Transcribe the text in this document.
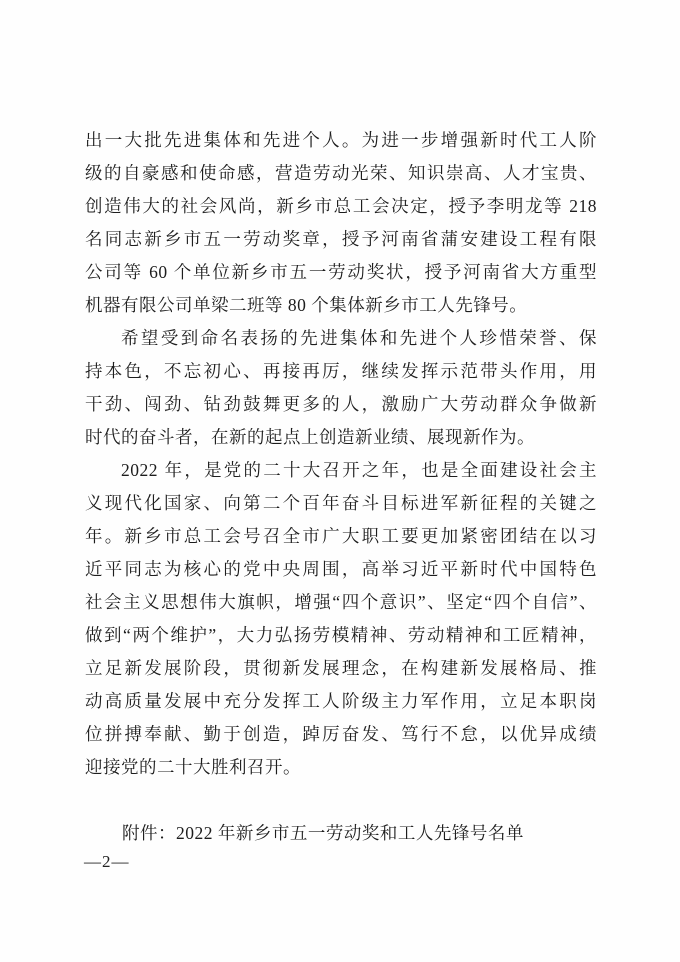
出一大批先进集体和先进个人。为进一步增强新时代工人阶
级的自豪感和使命感，营造劳动光荣、知识崇高、人才宝贵、
创造伟大的社会风尚，新乡市总工会决定，授予李明龙等 218
名同志新乡市五一劳动奖章，授予河南省蒲安建设工程有限
公司等 60 个单位新乡市五一劳动奖状，授予河南省大方重型
机器有限公司单梁二班等 80 个集体新乡市工人先锋号。
希望受到命名表扬的先进集体和先进个人珍惜荣誉、保
持本色，不忘初心、再接再厉，继续发挥示范带头作用，用
干劲、闯劲、钻劲鼓舞更多的人，激励广大劳动群众争做新
时代的奋斗者，在新的起点上创造新业绩、展现新作为。
2022 年，是党的二十大召开之年，也是全面建设社会主
义现代化国家、向第二个百年奋斗目标进军新征程的关键之
年。新乡市总工会号召全市广大职工要更加紧密团结在以习
近平同志为核心的党中央周围，高举习近平新时代中国特色
社会主义思想伟大旗帜，增强“四个意识”、坚定“四个自信”、
做到“两个维护”，大力弘扬劳模精神、劳动精神和工匠精神，
立足新发展阶段，贯彻新发展理念，在构建新发展格局、推
动高质量发展中充分发挥工人阶级主力军作用，立足本职岗
位拼搏奉献、勤于创造，踔厉奋发、笃行不怠，以优异成绩
迎接党的二十大胜利召开。
附件：2022 年新乡市五一劳动奖和工人先锋号名单
—2—
